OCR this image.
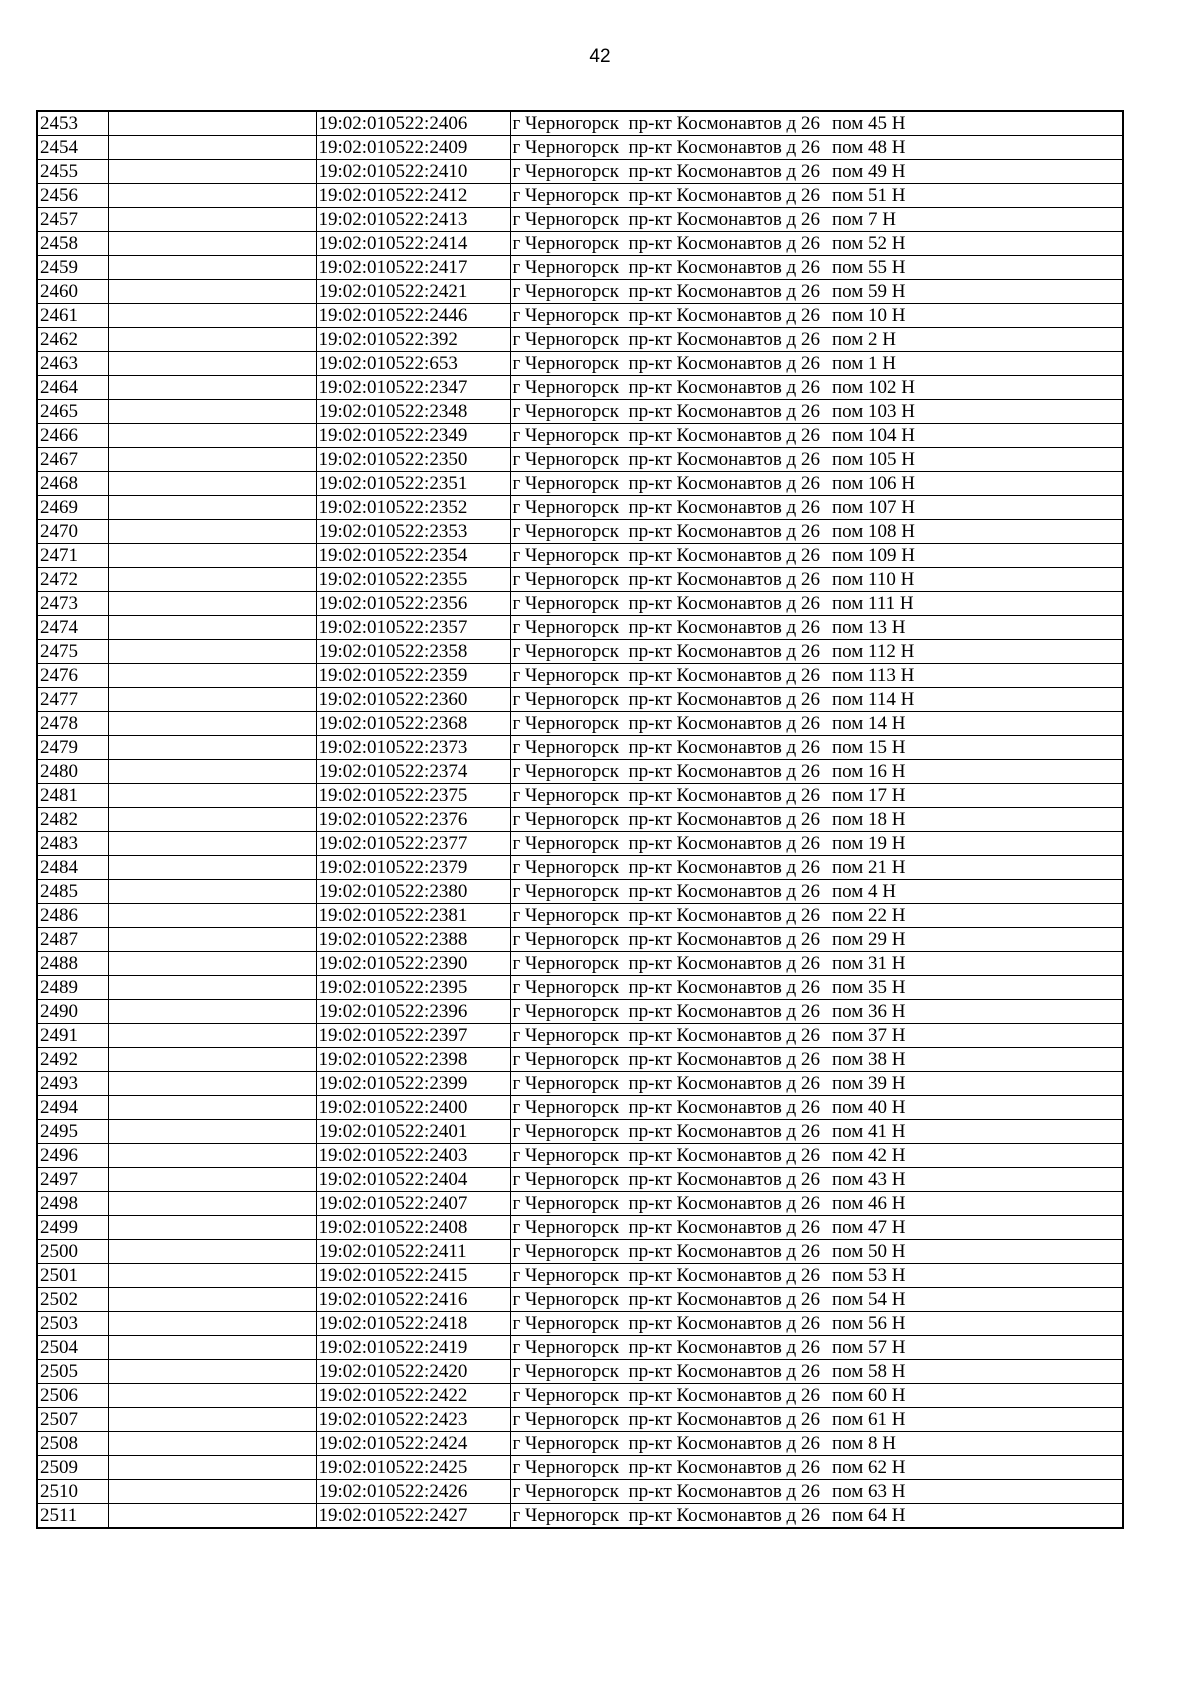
42
2453		19:02:010522:2406	г Черногорск  пр-кт Космонавтов д 26 пом 45 Н
2454		19:02:010522:2409	г Черногорск  пр-кт Космонавтов д 26 пом 48 Н
2455		19:02:010522:2410	г Черногорск  пр-кт Космонавтов д 26 пом 49 Н
2456		19:02:010522:2412	г Черногорск  пр-кт Космонавтов д 26 пом 51 Н
2457		19:02:010522:2413	г Черногорск  пр-кт Космонавтов д 26 пом 7 Н
2458		19:02:010522:2414	г Черногорск  пр-кт Космонавтов д 26 пом 52 Н
2459		19:02:010522:2417	г Черногорск  пр-кт Космонавтов д 26 пом 55 Н
2460		19:02:010522:2421	г Черногорск  пр-кт Космонавтов д 26 пом 59 Н
2461		19:02:010522:2446	г Черногорск  пр-кт Космонавтов д 26 пом 10 Н
2462		19:02:010522:392	г Черногорск  пр-кт Космонавтов д 26 пом 2 Н
2463		19:02:010522:653	г Черногорск  пр-кт Космонавтов д 26 пом 1 Н
2464		19:02:010522:2347	г Черногорск  пр-кт Космонавтов д 26 пом 102 Н
2465		19:02:010522:2348	г Черногорск  пр-кт Космонавтов д 26 пом 103 Н
2466		19:02:010522:2349	г Черногорск  пр-кт Космонавтов д 26 пом 104 Н
2467		19:02:010522:2350	г Черногорск  пр-кт Космонавтов д 26 пом 105 Н
2468		19:02:010522:2351	г Черногорск  пр-кт Космонавтов д 26 пом 106 Н
2469		19:02:010522:2352	г Черногорск  пр-кт Космонавтов д 26 пом 107 Н
2470		19:02:010522:2353	г Черногорск  пр-кт Космонавтов д 26 пом 108 Н
2471		19:02:010522:2354	г Черногорск  пр-кт Космонавтов д 26 пом 109 Н
2472		19:02:010522:2355	г Черногорск  пр-кт Космонавтов д 26 пом 110 Н
2473		19:02:010522:2356	г Черногорск  пр-кт Космонавтов д 26 пом 111 Н
2474		19:02:010522:2357	г Черногорск  пр-кт Космонавтов д 26 пом 13 Н
2475		19:02:010522:2358	г Черногорск  пр-кт Космонавтов д 26 пом 112 Н
2476		19:02:010522:2359	г Черногорск  пр-кт Космонавтов д 26 пом 113 Н
2477		19:02:010522:2360	г Черногорск  пр-кт Космонавтов д 26 пом 114 Н
2478		19:02:010522:2368	г Черногорск  пр-кт Космонавтов д 26 пом 14 Н
2479		19:02:010522:2373	г Черногорск  пр-кт Космонавтов д 26 пом 15 Н
2480		19:02:010522:2374	г Черногорск  пр-кт Космонавтов д 26 пом 16 Н
2481		19:02:010522:2375	г Черногорск  пр-кт Космонавтов д 26 пом 17 Н
2482		19:02:010522:2376	г Черногорск  пр-кт Космонавтов д 26 пом 18 Н
2483		19:02:010522:2377	г Черногорск  пр-кт Космонавтов д 26 пом 19 Н
2484		19:02:010522:2379	г Черногорск  пр-кт Космонавтов д 26 пом 21 Н
2485		19:02:010522:2380	г Черногорск  пр-кт Космонавтов д 26 пом 4 Н
2486		19:02:010522:2381	г Черногорск  пр-кт Космонавтов д 26 пом 22 Н
2487		19:02:010522:2388	г Черногорск  пр-кт Космонавтов д 26 пом 29 Н
2488		19:02:010522:2390	г Черногорск  пр-кт Космонавтов д 26 пом 31 Н
2489		19:02:010522:2395	г Черногорск  пр-кт Космонавтов д 26 пом 35 Н
2490		19:02:010522:2396	г Черногорск  пр-кт Космонавтов д 26 пом 36 Н
2491		19:02:010522:2397	г Черногорск  пр-кт Космонавтов д 26 пом 37 Н
2492		19:02:010522:2398	г Черногорск  пр-кт Космонавтов д 26 пом 38 Н
2493		19:02:010522:2399	г Черногорск  пр-кт Космонавтов д 26 пом 39 Н
2494		19:02:010522:2400	г Черногорск  пр-кт Космонавтов д 26 пом 40 Н
2495		19:02:010522:2401	г Черногорск  пр-кт Космонавтов д 26 пом 41 Н
2496		19:02:010522:2403	г Черногорск  пр-кт Космонавтов д 26 пом 42 Н
2497		19:02:010522:2404	г Черногорск  пр-кт Космонавтов д 26 пом 43 Н
2498		19:02:010522:2407	г Черногорск  пр-кт Космонавтов д 26 пом 46 Н
2499		19:02:010522:2408	г Черногорск  пр-кт Космонавтов д 26 пом 47 Н
2500		19:02:010522:2411	г Черногорск  пр-кт Космонавтов д 26 пом 50 Н
2501		19:02:010522:2415	г Черногорск  пр-кт Космонавтов д 26 пом 53 Н
2502		19:02:010522:2416	г Черногорск  пр-кт Космонавтов д 26 пом 54 Н
2503		19:02:010522:2418	г Черногорск  пр-кт Космонавтов д 26 пом 56 Н
2504		19:02:010522:2419	г Черногорск  пр-кт Космонавтов д 26 пом 57 Н
2505		19:02:010522:2420	г Черногорск  пр-кт Космонавтов д 26 пом 58 Н
2506		19:02:010522:2422	г Черногорск  пр-кт Космонавтов д 26 пом 60 Н
2507		19:02:010522:2423	г Черногорск  пр-кт Космонавтов д 26 пом 61 Н
2508		19:02:010522:2424	г Черногорск  пр-кт Космонавтов д 26 пом 8 Н
2509		19:02:010522:2425	г Черногорск  пр-кт Космонавтов д 26 пом 62 Н
2510		19:02:010522:2426	г Черногорск  пр-кт Космонавтов д 26 пом 63 Н
2511		19:02:010522:2427	г Черногорск  пр-кт Космонавтов д 26 пом 64 Н
